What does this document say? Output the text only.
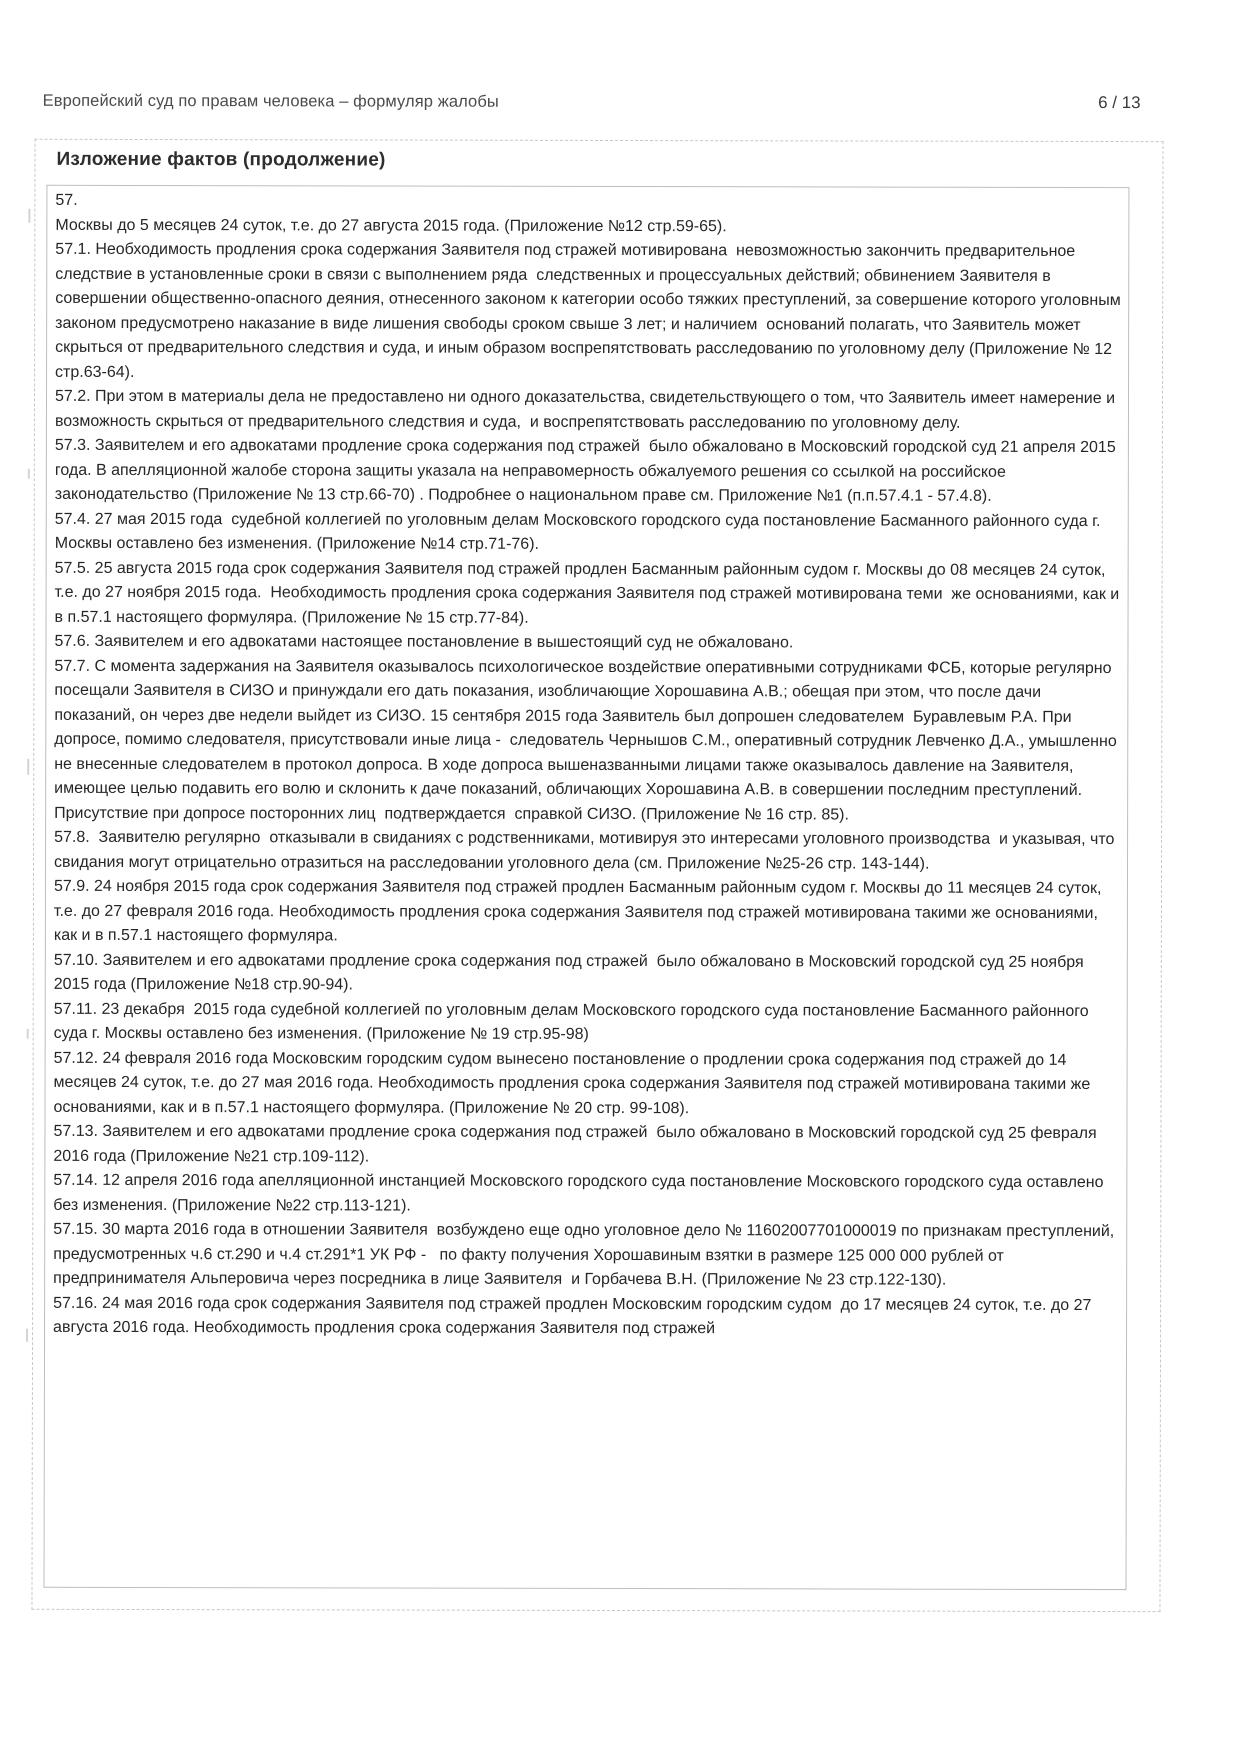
Европейский суд по правам человека – формуляр жалобы	6 / 13
Изложение фактов (продолжение)
57.
Москвы до 5 месяцев 24 суток, т.е. до 27 августа 2015 года. (Приложение №12 стр.59-65).
57.1. Необходимость продления срока содержания Заявителя под стражей мотивирована  невозможностью закончить предварительное следствие в установленные сроки в связи с выполнением ряда  следственных и процессуальных действий; обвинением Заявителя в совершении общественно-опасного деяния, отнесенного законом к категории особо тяжких преступлений, за совершение которого уголовным законом предусмотрено наказание в виде лишения свободы сроком свыше 3 лет; и наличием  оснований полагать, что Заявитель может скрыться от предварительного следствия и суда, и иным образом воспрепятствовать расследованию по уголовному делу (Приложение № 12 стр.63-64).
57.2. При этом в материалы дела не предоставлено ни одного доказательства, свидетельствующего о том, что Заявитель имеет намерение и возможность скрыться от предварительного следствия и суда,  и воспрепятствовать расследованию по уголовному делу.
57.3. Заявителем и его адвокатами продление срока содержания под стражей  было обжаловано в Московский городской суд 21 апреля 2015 года. В апелляционной жалобе сторона защиты указала на неправомерность обжалуемого решения со ссылкой на российское законодательство (Приложение № 13 стр.66-70) . Подробнее о национальном праве см. Приложение №1 (п.п.57.4.1 - 57.4.8).
57.4. 27 мая 2015 года  судебной коллегией по уголовным делам Московского городского суда постановление Басманного районного суда г. Москвы оставлено без изменения. (Приложение №14 стр.71-76).
57.5. 25 августа 2015 года срок содержания Заявителя под стражей продлен Басманным районным судом г. Москвы до 08 месяцев 24 суток, т.е. до 27 ноября 2015 года.  Необходимость продления срока содержания Заявителя под стражей мотивирована теми  же основаниями, как и в п.57.1 настоящего формуляра. (Приложение № 15 стр.77-84).
57.6. Заявителем и его адвокатами настоящее постановление в вышестоящий суд не обжаловано.
57.7. С момента задержания на Заявителя оказывалось психологическое воздействие оперативными сотрудниками ФСБ, которые регулярно посещали Заявителя в СИЗО и принуждали его дать показания, изобличающие Хорошавина А.В.; обещая при этом, что после дачи показаний, он через две недели выйдет из СИЗО. 15 сентября 2015 года Заявитель был допрошен следователем  Буравлевым Р.А. При допросе, помимо следователя, присутствовали иные лица -  следователь Чернышов С.М., оперативный сотрудник Левченко Д.А., умышленно не внесенные следователем в протокол допроса. В ходе допроса вышеназванными лицами также оказывалось давление на Заявителя, имеющее целью подавить его волю и склонить к даче показаний, обличающих Хорошавина А.В. в совершении последним преступлений. Присутствие при допросе посторонних лиц  подтверждается  справкой СИЗО. (Приложение № 16 стр. 85).
57.8.  Заявителю регулярно  отказывали в свиданиях с родственниками, мотивируя это интересами уголовного производства  и указывая, что свидания могут отрицательно отразиться на расследовании уголовного дела (см. Приложение №25-26 стр. 143-144).
57.9. 24 ноября 2015 года срок содержания Заявителя под стражей продлен Басманным районным судом г. Москвы до 11 месяцев 24 суток, т.е. до 27 февраля 2016 года. Необходимость продления срока содержания Заявителя под стражей мотивирована такими же основаниями, как и в п.57.1 настоящего формуляра.
57.10. Заявителем и его адвокатами продление срока содержания под стражей  было обжаловано в Московский городской суд 25 ноября 2015 года (Приложение №18 стр.90-94).
57.11. 23 декабря  2015 года судебной коллегией по уголовным делам Московского городского суда постановление Басманного районного суда г. Москвы оставлено без изменения. (Приложение № 19 стр.95-98)
57.12. 24 февраля 2016 года Московским городским судом вынесено постановление о продлении срока содержания под стражей до 14 месяцев 24 суток, т.е. до 27 мая 2016 года. Необходимость продления срока содержания Заявителя под стражей мотивирована такими же основаниями, как и в п.57.1 настоящего формуляра. (Приложение № 20 стр. 99-108).
57.13. Заявителем и его адвокатами продление срока содержания под стражей  было обжаловано в Московский городской суд 25 февраля 2016 года (Приложение №21 стр.109-112).
57.14. 12 апреля 2016 года апелляционной инстанцией Московского городского суда постановление Московского городского суда оставлено без изменения. (Приложение №22 стр.113-121).
57.15. 30 марта 2016 года в отношении Заявителя  возбуждено еще одно уголовное дело № 11602007701000019 по признакам преступлений, предусмотренных ч.6 ст.290 и ч.4 ст.291*1 УК РФ -   по факту получения Хорошавиным взятки в размере 125 000 000 рублей от предпринимателя Альперовича через посредника в лице Заявителя  и Горбачева В.Н. (Приложение № 23 стр.122-130).
57.16. 24 мая 2016 года срок содержания Заявителя под стражей продлен Московским городским судом  до 17 месяцев 24 суток, т.е. до 27 августа 2016 года. Необходимость продления срока содержания Заявителя под стражей
